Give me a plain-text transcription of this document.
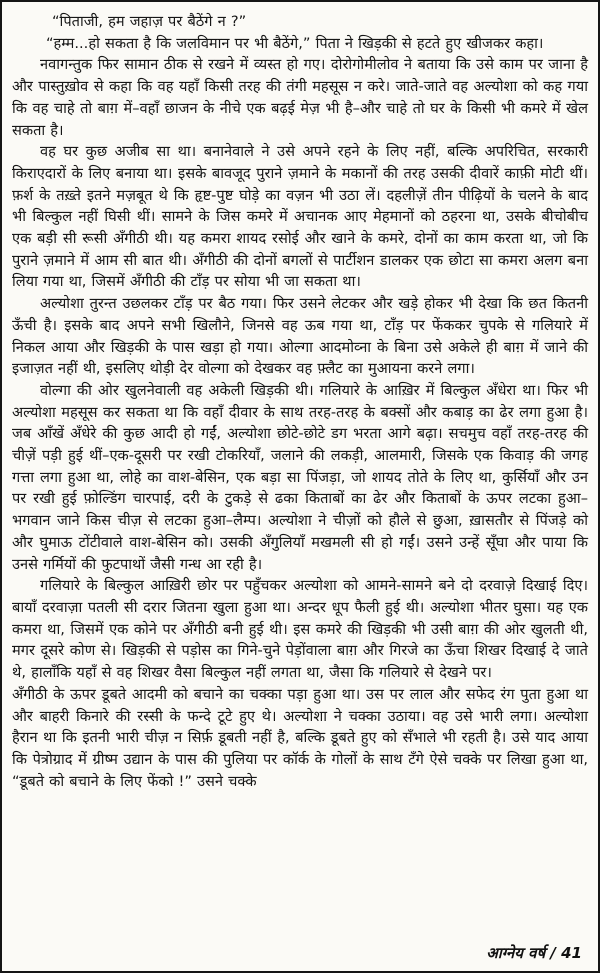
“पिताजी, हम जहाज़ पर बैठेंगे न ?”

“हम्म...हो सकता है कि जलविमान पर भी बैठेंगे,” पिता ने खिड़की से हटते हुए खीजकर कहा।

नवागन्तुक फिर सामान ठीक से रखने में व्यस्त हो गए। दोरोगोमीलोव ने बताया कि उसे काम पर जाना है और पास्तुख़ोव से कहा कि वह यहाँ किसी तरह की तंगी महसूस न करे। जाते-जाते वह अल्योशा को कह गया कि वह चाहे तो बाग़ में–वहाँ छाजन के नीचे एक बढ़ई मेज़ भी है–और चाहे तो घर के किसी भी कमरे में खेल सकता है।

वह घर कुछ अजीब सा था। बनानेवाले ने उसे अपने रहने के लिए नहीं, बल्कि अपरिचित, सरकारी किराएदारों के लिए बनाया था। इसके बावजूद पुराने ज़माने के मकानों की तरह उसकी दीवारें काफ़ी मोटी थीं। फ़र्श के तख़्ते इतने मज़बूत थे कि हृष्ट-पुष्ट घोड़े का वज़न भी उठा लें। दहलीज़ें तीन पीढ़ियों के चलने के बाद भी बिल्कुल नहीं घिसी थीं। सामने के जिस कमरे में अचानक आए मेहमानों को ठहरना था, उसके बीचोबीच एक बड़ी सी रूसी अँगीठी थी। यह कमरा शायद रसोई और खाने के कमरे, दोनों का काम करता था, जो कि पुराने ज़माने में आम सी बात थी। अँगीठी की दोनों बगलों से पार्टीशन डालकर एक छोटा सा कमरा अलग बना लिया गया था, जिसमें अँगीठी की टाँड़ पर सोया भी जा सकता था।

अल्योशा तुरन्त उछलकर टाँड़ पर बैठ गया। फिर उसने लेटकर और खड़े होकर भी देखा कि छत कितनी ऊँची है। इसके बाद अपने सभी खिलौने, जिनसे वह ऊब गया था, टाँड़ पर फेंककर चुपके से गलियारे में निकल आया और खिड़की के पास खड़ा हो गया। ओल्गा आदमोव्ना के बिना उसे अकेले ही बाग़ में जाने की इजाज़त नहीं थी, इसलिए थोड़ी देर वोल्गा को देखकर वह फ़्लैट का मुआयना करने लगा।

वोल्गा की ओर खुलनेवाली वह अकेली खिड़की थी। गलियारे के आख़िर में बिल्कुल अँधेरा था। फिर भी अल्योशा महसूस कर सकता था कि वहाँ दीवार के साथ तरह-तरह के बक्सों और कबाड़ का ढेर लगा हुआ है। जब आँखें अँधेरे की कुछ आदी हो गईं, अल्योशा छोटे-छोटे डग भरता आगे बढ़ा। सचमुच वहाँ तरह-तरह की चीज़ें पड़ी हुई थीं–एक-दूसरी पर रखी टोकरियाँ, जलाने की लकड़ी, आलमारी, जिसके एक किवाड़ की जगह गत्ता लगा हुआ था, लोहे का वाश-बेसिन, एक बड़ा सा पिंजड़ा, जो शायद तोते के लिए था, कुर्सियाँ और उन पर रखी हुई फ़ोल्डिंग चारपाई, दरी के टुकड़े से ढका किताबों का ढेर और किताबों के ऊपर लटका हुआ–भगवान जाने किस चीज़ से लटका हुआ–लैम्प। अल्योशा ने चीज़ों को हौले से छुआ, ख़ासतौर से पिंजड़े को और घुमाऊ टोंटीवाले वाश-बेसिन को। उसकी अँगुलियाँ मखमली सी हो गईं। उसने उन्हें सूँघा और पाया कि उनसे गर्मियों की फुटपाथों जैसी गन्ध आ रही है।

गलियारे के बिल्कुल आख़िरी छोर पर पहुँचकर अल्योशा को आमने-सामने बने दो दरवाज़े दिखाई दिए। बायाँ दरवाज़ा पतली सी दरार जितना खुला हुआ था। अन्दर धूप फैली हुई थी। अल्योशा भीतर घुसा। यह एक कमरा था, जिसमें एक कोने पर अँगीठी बनी हुई थी। इस कमरे की खिड़की भी उसी बाग़ की ओर खुलती थी, मगर दूसरे कोण से। खिड़की से पड़ोस का गिने-चुने पेड़ोंवाला बाग़ और गिरजे का ऊँचा शिखर दिखाई दे जाते थे, हालाँकि यहाँ से वह शिखर वैसा बिल्कुल नहीं लगता था, जैसा कि गलियारे से देखने पर।

अँगीठी के ऊपर डूबते आदमी को बचाने का चक्का पड़ा हुआ था। उस पर लाल और सफेद रंग पुता हुआ था और बाहरी किनारे की रस्सी के फन्दे टूटे हुए थे। अल्योशा ने चक्का उठाया। वह उसे भारी लगा। अल्योशा हैरान था कि इतनी भारी चीज़ न सिर्फ़ डूबती नहीं है, बल्कि डूबते हुए को सँभाले भी रहती है। उसे याद आया कि पेत्रोग्राद में ग्रीष्म उद्यान के पास की पुलिया पर कॉर्क के गोलों के साथ टँगे ऐसे चक्के पर लिखा हुआ था, “डूबते को बचाने के लिए फेंको !” उसने चक्के

आग्नेय वर्ष / 41
